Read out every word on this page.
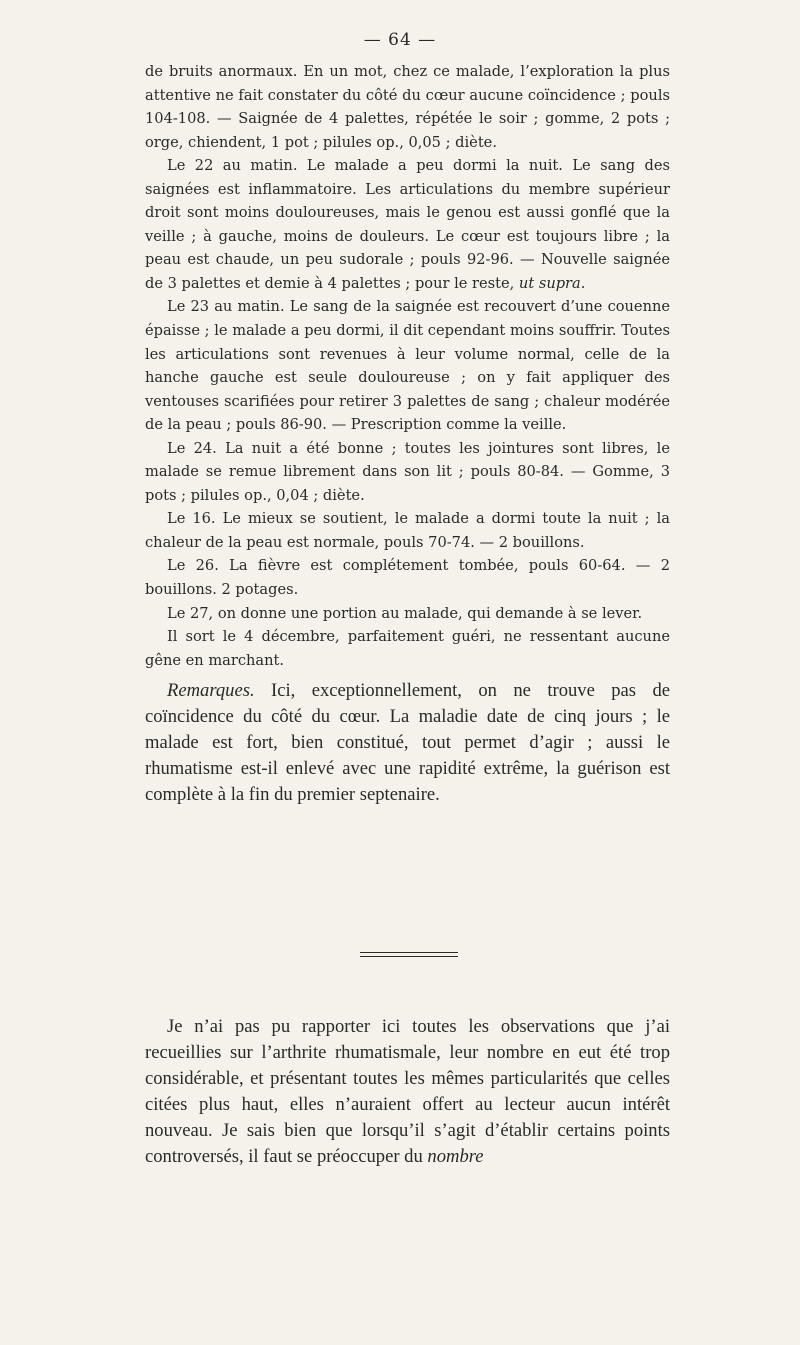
— 64 —

de bruits anormaux. En un mot, chez ce malade, l’exploration la plus attentive ne fait constater du côté du cœur aucune coïncidence ; pouls 104-108. — Saignée de 4 palettes, répétée le soir ; gomme, 2 pots ; orge, chiendent, 1 pot ; pilules op., 0,05 ; diète.

Le 22 au matin. Le malade a peu dormi la nuit. Le sang des saignées est inflammatoire. Les articulations du membre supérieur droit sont moins douloureuses, mais le genou est aussi gonflé que la veille ; à gauche, moins de douleurs. Le cœur est toujours libre ; la peau est chaude, un peu sudorale ; pouls 92-96. — Nouvelle saignée de 3 palettes et demie à 4 palettes ; pour le reste, ut supra.

Le 23 au matin. Le sang de la saignée est recouvert d’une couenne épaisse ; le malade a peu dormi, il dit cependant moins souffrir. Toutes les articulations sont revenues à leur volume normal, celle de la hanche gauche est seule douloureuse ; on y fait appliquer des ventouses scarifiées pour retirer 3 palettes de sang ; chaleur modérée de la peau ; pouls 86-90. — Prescription comme la veille.

Le 24. La nuit a été bonne ; toutes les jointures sont libres, le malade se remue librement dans son lit ; pouls 80-84. — Gomme, 3 pots ; pilules op., 0,04 ; diète.

Le 16. Le mieux se soutient, le malade a dormi toute la nuit ; la chaleur de la peau est normale, pouls 70-74. — 2 bouillons.

Le 26. La fièvre est complétement tombée, pouls 60-64. — 2 bouillons. 2 potages.

Le 27, on donne une portion au malade, qui demande à se lever.

Il sort le 4 décembre, parfaitement guéri, ne ressentant aucune gêne en marchant.

Remarques. Ici, exceptionnellement, on ne trouve pas de coïncidence du côté du cœur. La maladie date de cinq jours ; le malade est fort, bien constitué, tout permet d’agir ; aussi le rhumatisme est-il enlevé avec une rapidité extrême, la guérison est complète à la fin du premier septenaire.

Je n’ai pas pu rapporter ici toutes les observations que j’ai recueillies sur l’arthrite rhumatismale, leur nombre en eut été trop considérable, et présentant toutes les mêmes particularités que celles citées plus haut, elles n’auraient offert au lecteur aucun intérêt nouveau. Je sais bien que lorsqu’il s’agit d’établir certains points controversés, il faut se préoccuper du nombre
